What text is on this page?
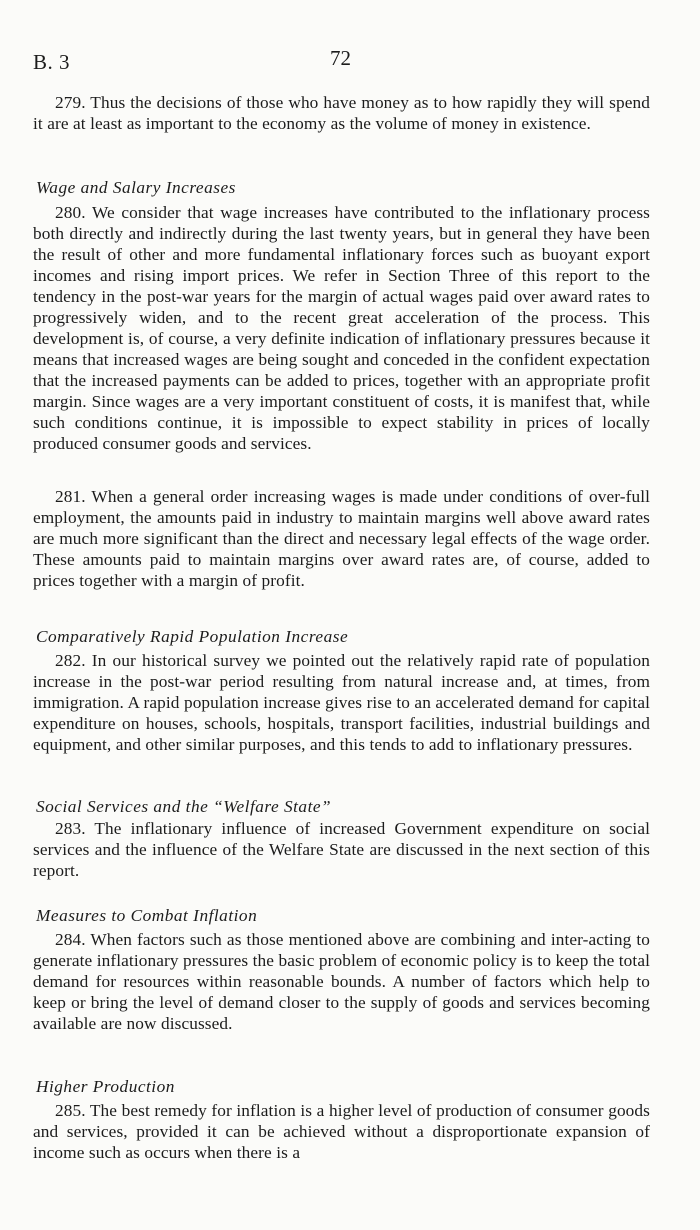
B. 3	72

279. Thus the decisions of those who have money as to how rapidly they will spend it are at least as important to the economy as the volume of money in existence.

Wage and Salary Increases

280. We consider that wage increases have contributed to the inflationary process both directly and indirectly during the last twenty years, but in general they have been the result of other and more fundamental inflationary forces such as buoyant export incomes and rising import prices. We refer in Section Three of this report to the tendency in the post-war years for the margin of actual wages paid over award rates to progressively widen, and to the recent great acceleration of the process. This development is, of course, a very definite indication of inflationary pressures because it means that increased wages are being sought and conceded in the confident expectation that the increased payments can be added to prices, together with an appropriate profit margin. Since wages are a very important constituent of costs, it is manifest that, while such conditions continue, it is impossible to expect stability in prices of locally produced consumer goods and services.

281. When a general order increasing wages is made under conditions of over-full employment, the amounts paid in industry to maintain margins well above award rates are much more significant than the direct and necessary legal effects of the wage order. These amounts paid to maintain margins over award rates are, of course, added to prices together with a margin of profit.

Comparatively Rapid Population Increase

282. In our historical survey we pointed out the relatively rapid rate of population increase in the post-war period resulting from natural increase and, at times, from immigration. A rapid population increase gives rise to an accelerated demand for capital expenditure on houses, schools, hospitals, transport facilities, industrial buildings and equipment, and other similar purposes, and this tends to add to inflationary pressures.

Social Services and the “Welfare State”

283. The inflationary influence of increased Government expenditure on social services and the influence of the Welfare State are discussed in the next section of this report.

Measures to Combat Inflation

284. When factors such as those mentioned above are combining and inter-acting to generate inflationary pressures the basic problem of economic policy is to keep the total demand for resources within reasonable bounds. A number of factors which help to keep or bring the level of demand closer to the supply of goods and services becoming available are now discussed.

Higher Production

285. The best remedy for inflation is a higher level of production of consumer goods and services, provided it can be achieved without a disproportionate expansion of income such as occurs when there is a
